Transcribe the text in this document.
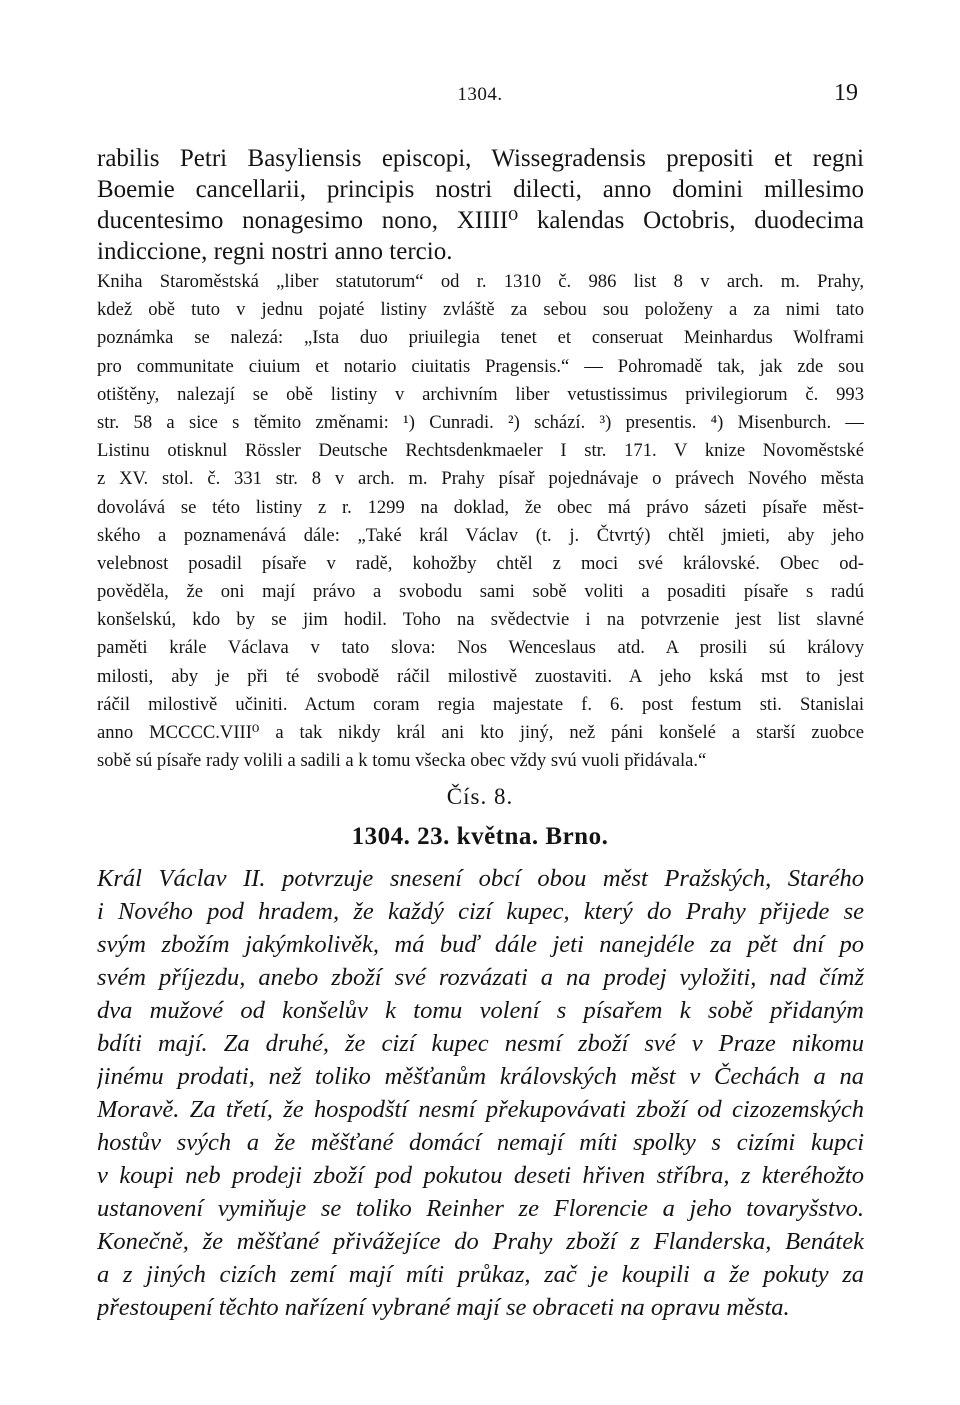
1304.	19
rabilis Petri Basyliensis episcopi, Wissegradensis prepositi et regni
Boemie cancellarii, principis nostri dilecti, anno domini millesimo
ducentesimo nonagesimo nono, XIIII⁰ kalendas Octobris, duodecima
indiccione, regni nostri anno tercio.
Kniha Staroměstská „liber statutorum“ od r. 1310 č. 986 list 8 v arch. m. Prahy,
kdež obě tuto v jednu pojaté listiny zvláště za sebou sou položeny a za nimi tato
poznámka se nalezá: „Ista duo priuilegia tenet et conseruat Meinhardus Wolframi
pro communitate ciuium et notario ciuitatis Pragensis.“ — Pohromadě tak, jak zde sou
otištěny, nalezají se obě listiny v archivním liber vetustissimus privilegiorum č. 993
str. 58 a sice s těmito změnami: ¹) Cunradi. ²) schází. ³) presentis. ⁴) Misenburch. —
Listinu otisknul Rössler Deutsche Rechtsdenkmaeler I str. 171. V knize Novoměstské
z XV. stol. č. 331 str. 8 v arch. m. Prahy písař pojednávaje o právech Nového města
dovolává se této listiny z r. 1299 na doklad, že obec má právo sázeti písaře měst-
ského a poznamenává dále: „Také král Václav (t. j. Čtvrtý) chtěl jmieti, aby jeho
velebnost posadil písaře v radě, kohožby chtěl z moci své královské. Obec od-
pověděla, že oni mají právo a svobodu sami sobě voliti a posaditi písaře s radú
konšelskú, kdo by se jim hodil. Toho na svědectvie i na potvrzenie jest list slavné
paměti krále Václava v tato slova: Nos Wenceslaus atd. A prosili sú královy
milosti, aby je při té svobodě ráčil milostivě zuostaviti. A jeho kská mst to jest
ráčil milostivě učiniti. Actum coram regia majestate f. 6. post festum sti. Stanislai
anno MCCCC.VIII⁰ a tak nikdy král ani kto jiný, než páni konšelé a starší zuobce
sobě sú písaře rady volili a sadili a k tomu všecka obec vždy svú vuoli přidávala.“
Čís. 8.
1304. 23. května. Brno.
Král Václav II. potvrzuje snesení obcí obou měst Pražských, Starého
i Nového pod hradem, že každý cizí kupec, který do Prahy přijede se
svým zbožím jakýmkolivěk, má buď dále jeti nanejdéle za pět dní po
svém příjezdu, anebo zboží své rozvázati a na prodej vyložiti, nad čímž
dva mužové od konšelův k tomu volení s písařem k sobě přidaným
bdíti mají. Za druhé, že cizí kupec nesmí zboží své v Praze nikomu
jinému prodati, než toliko měšťanům královských měst v Čechách a na
Moravě. Za třetí, že hospodští nesmí překupovávati zboží od cizozemských
hostův svých a že měšťané domácí nemají míti spolky s cizími kupci
v koupi neb prodeji zboží pod pokutou deseti hřiven stříbra, z kteréhožto
ustanovení vymiňuje se toliko Reinher ze Florencie a jeho tovaryšstvo.
Konečně, že měšťané přivážejíce do Prahy zboží z Flanderska, Benátek
a z jiných cizích zemí mají míti průkaz, zač je koupili a že pokuty za
přestoupení těchto nařízení vybrané mají se obraceti na opravu města.
